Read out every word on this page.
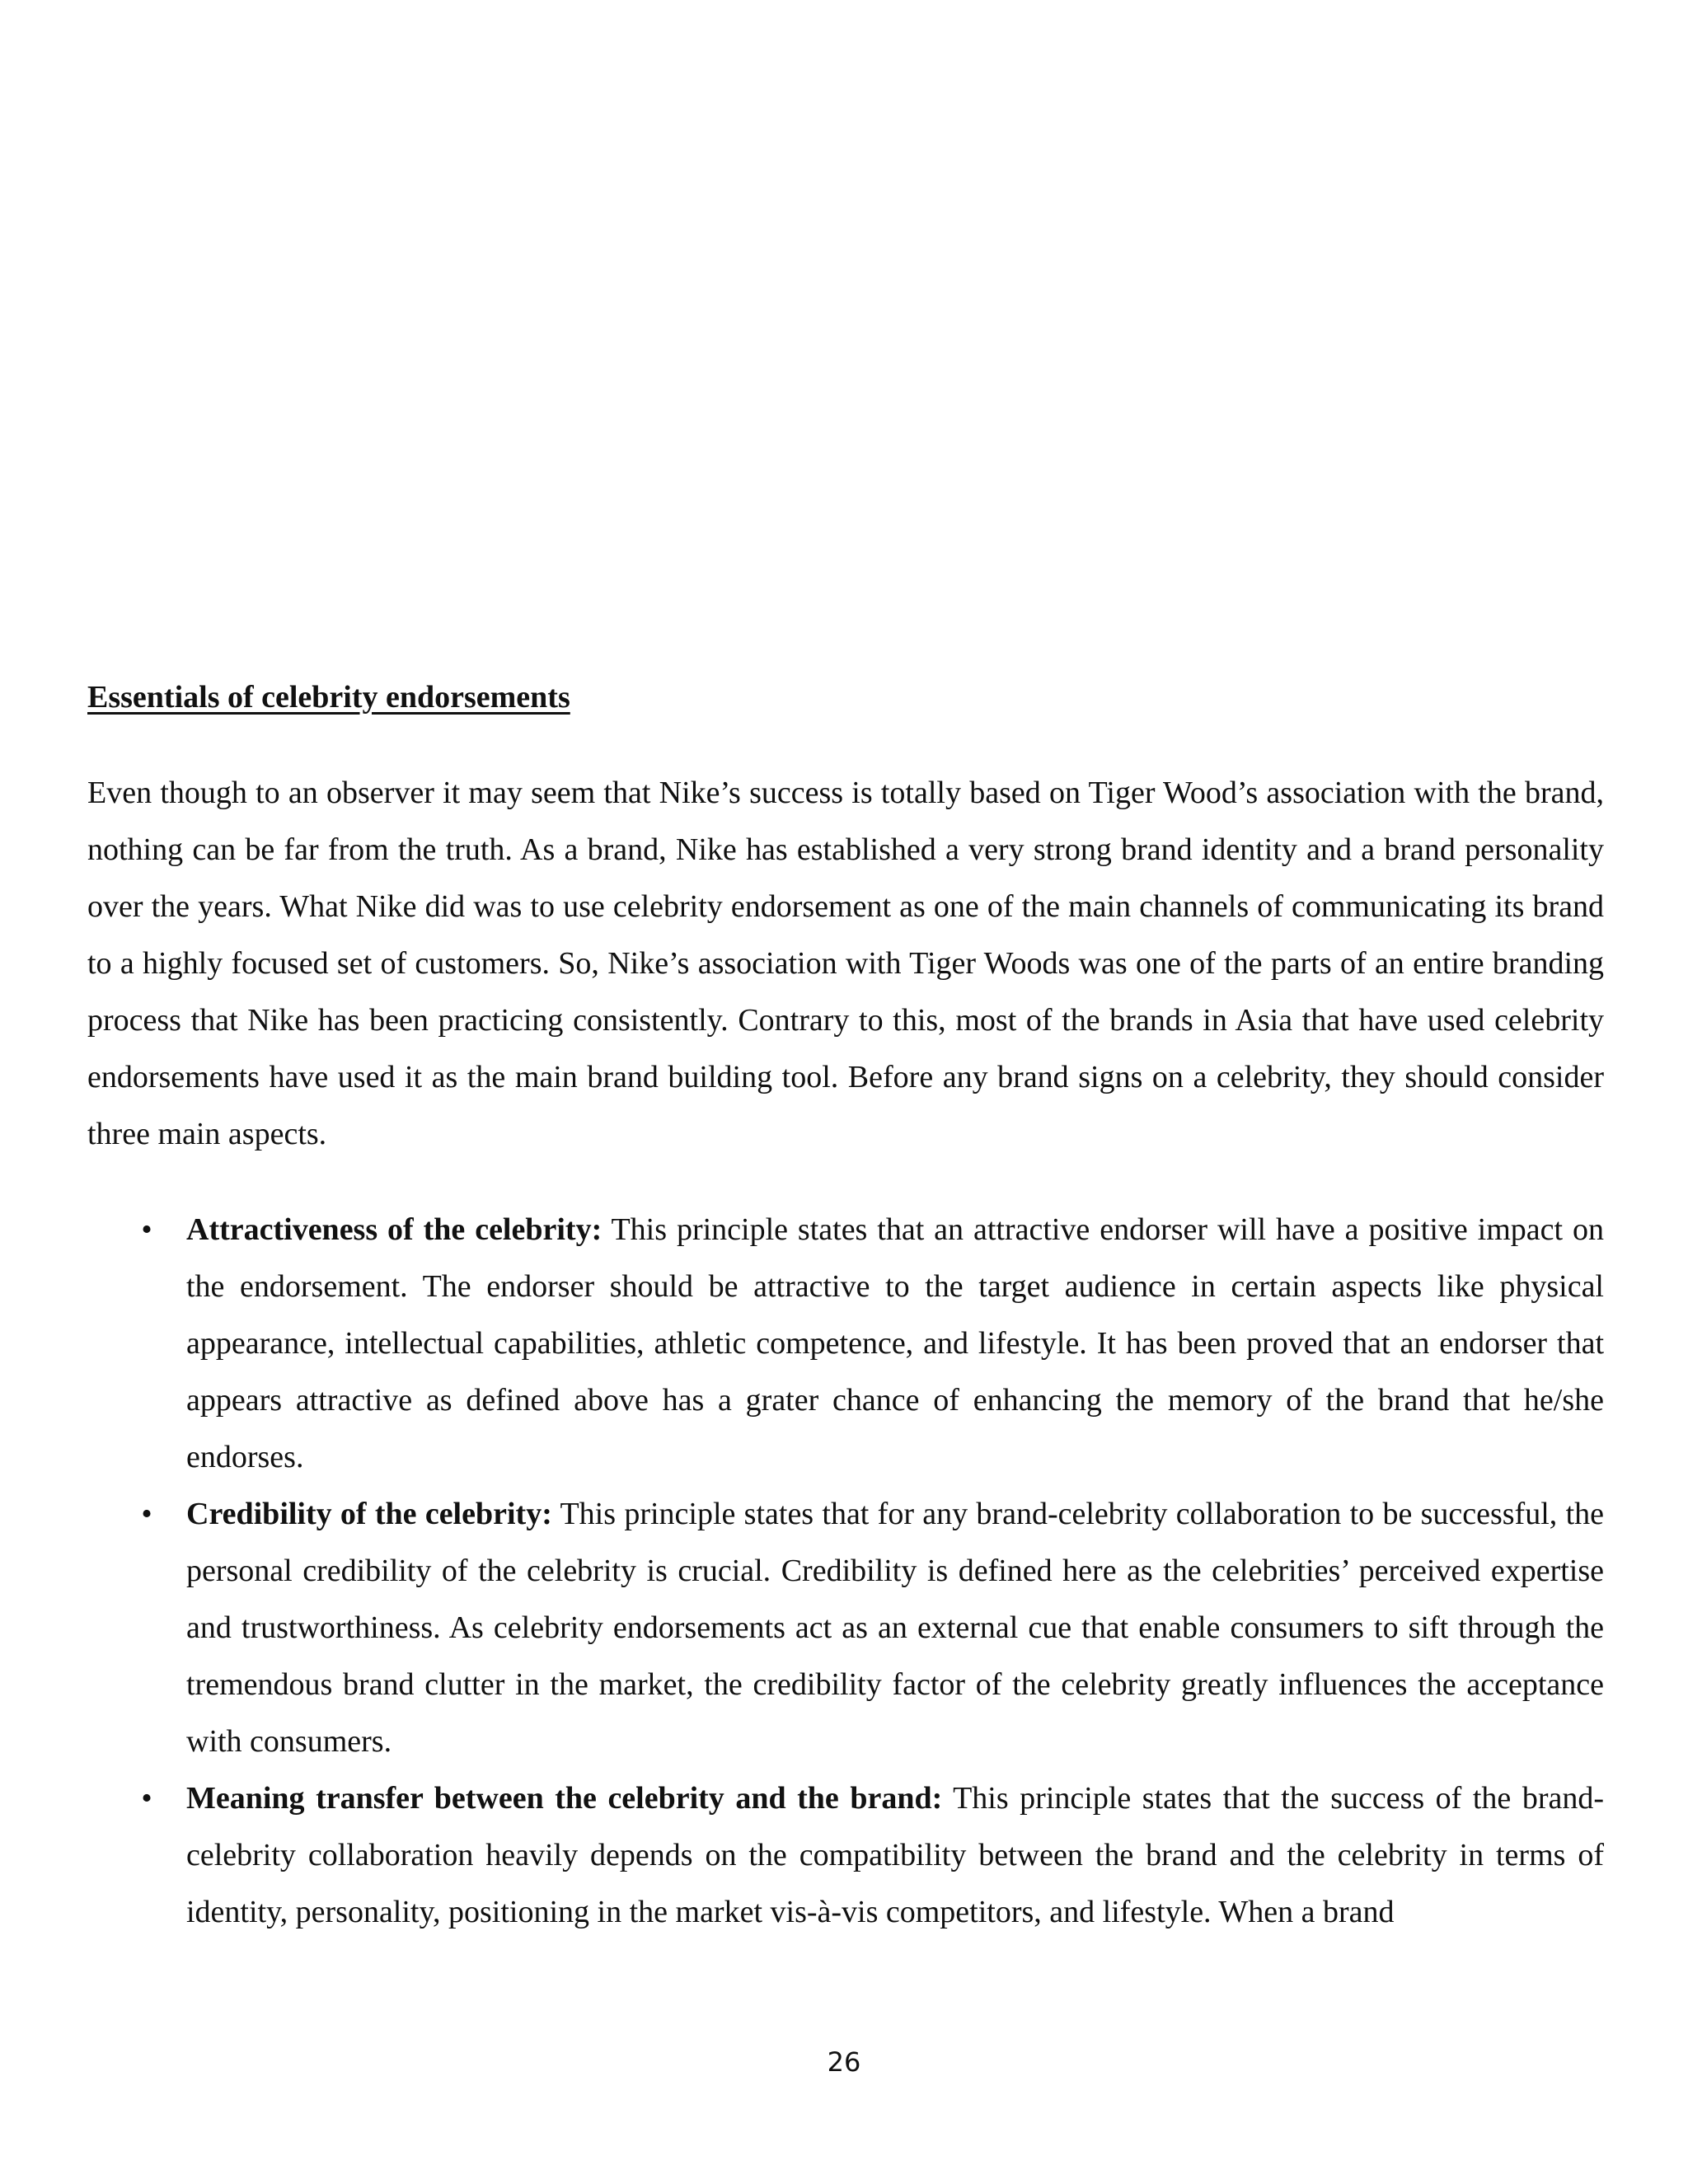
Essentials of celebrity endorsements

Even though to an observer it may seem that Nike’s success is totally based on Tiger Wood’s association with the brand, nothing can be far from the truth. As a brand, Nike has established a very strong brand identity and a brand personality over the years. What Nike did was to use celebrity endorsement as one of the main channels of communicating its brand to a highly focused set of customers. So, Nike’s association with Tiger Woods was one of the parts of an entire branding process that Nike has been practicing consistently. Contrary to this, most of the brands in Asia that have used celebrity endorsements have used it as the main brand building tool. Before any brand signs on a celebrity, they should consider three main aspects.

• Attractiveness of the celebrity: This principle states that an attractive endorser will have a positive impact on the endorsement. The endorser should be attractive to the target audience in certain aspects like physical appearance, intellectual capabilities, athletic competence, and lifestyle. It has been proved that an endorser that appears attractive as defined above has a grater chance of enhancing the memory of the brand that he/she endorses.
• Credibility of the celebrity: This principle states that for any brand-celebrity collaboration to be successful, the personal credibility of the celebrity is crucial. Credibility is defined here as the celebrities’ perceived expertise and trustworthiness. As celebrity endorsements act as an external cue that enable consumers to sift through the tremendous brand clutter in the market, the credibility factor of the celebrity greatly influences the acceptance with consumers.
• Meaning transfer between the celebrity and the brand: This principle states that the success of the brand-celebrity collaboration heavily depends on the compatibility between the brand and the celebrity in terms of identity, personality, positioning in the market vis-à-vis competitors, and lifestyle. When a brand
26
